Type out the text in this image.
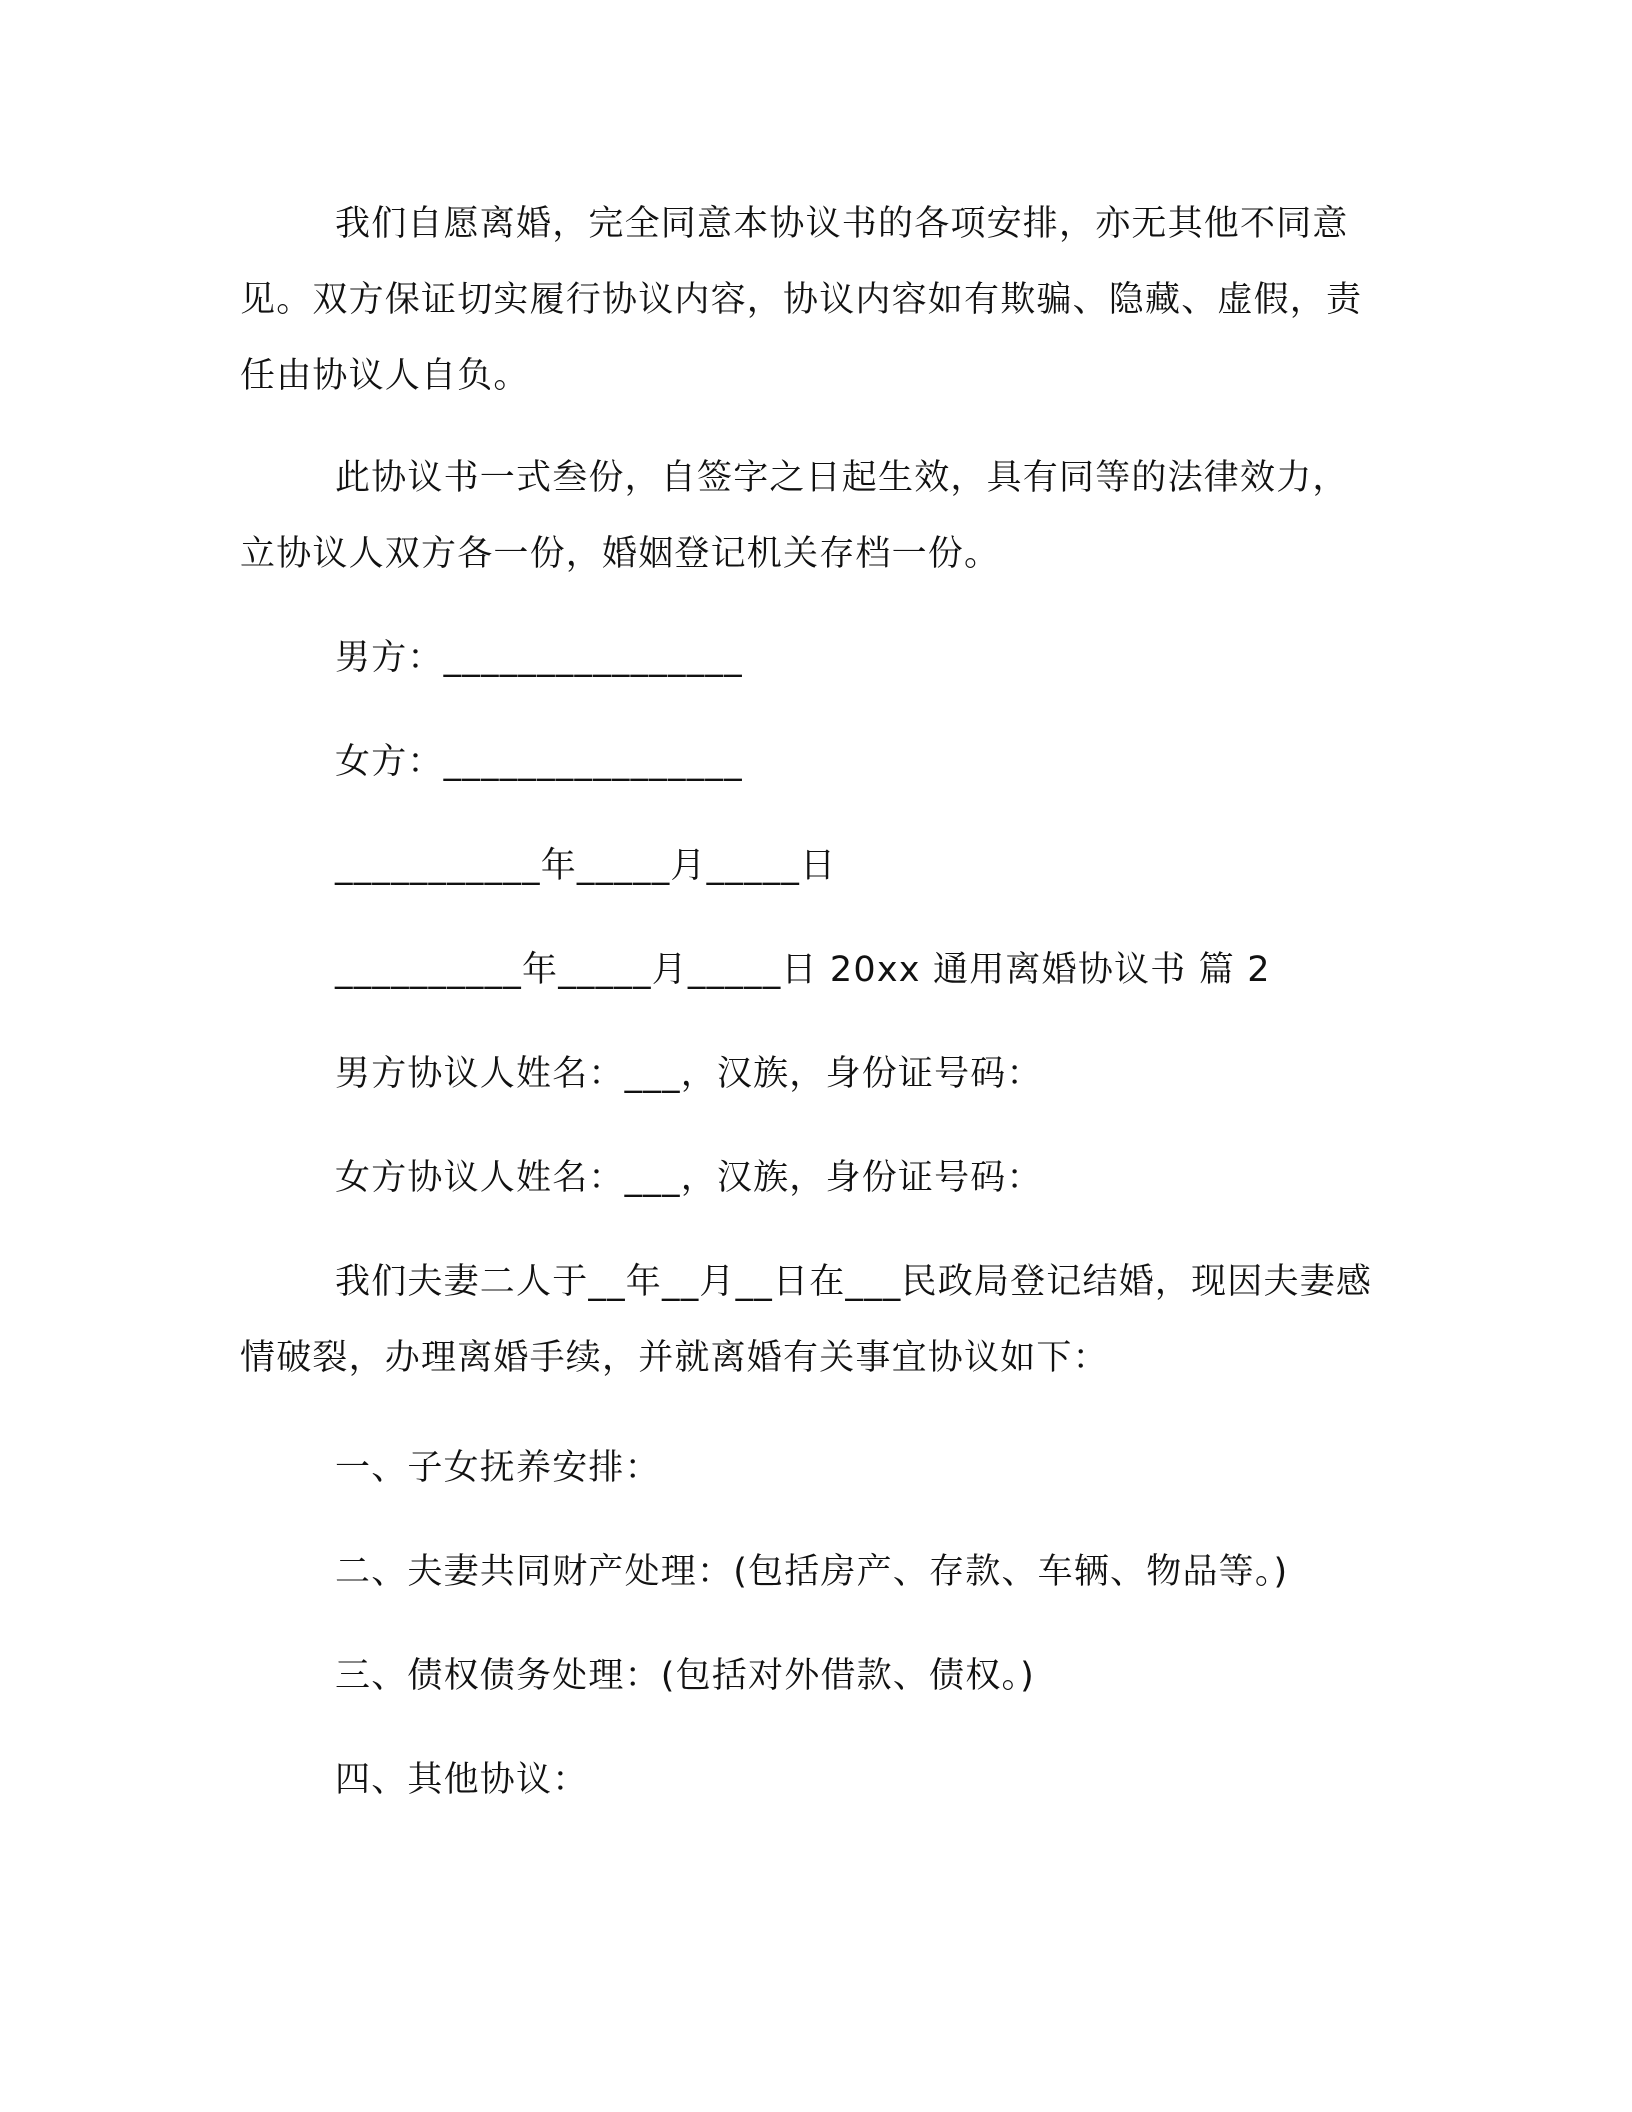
我们自愿离婚，完全同意本协议书的各项安排，亦无其他不同意见。双方保证切实履行协议内容，协议内容如有欺骗、隐藏、虚假，责任由协议人自负。

此协议书一式叁份，自签字之日起生效，具有同等的法律效力，立协议人双方各一份，婚姻登记机关存档一份。

男方：________________

女方：________________

___________年_____月_____日

__________年_____月_____日 20xx 通用离婚协议书 篇 2

男方协议人姓名：___，汉族，身份证号码：

女方协议人姓名：___，汉族，身份证号码：

我们夫妻二人于__年__月__日在___民政局登记结婚，现因夫妻感情破裂，办理离婚手续，并就离婚有关事宜协议如下：

一、子女抚养安排：

二、夫妻共同财产处理：(包括房产、存款、车辆、物品等。)

三、债权债务处理：(包括对外借款、债权。)

四、其他协议：
